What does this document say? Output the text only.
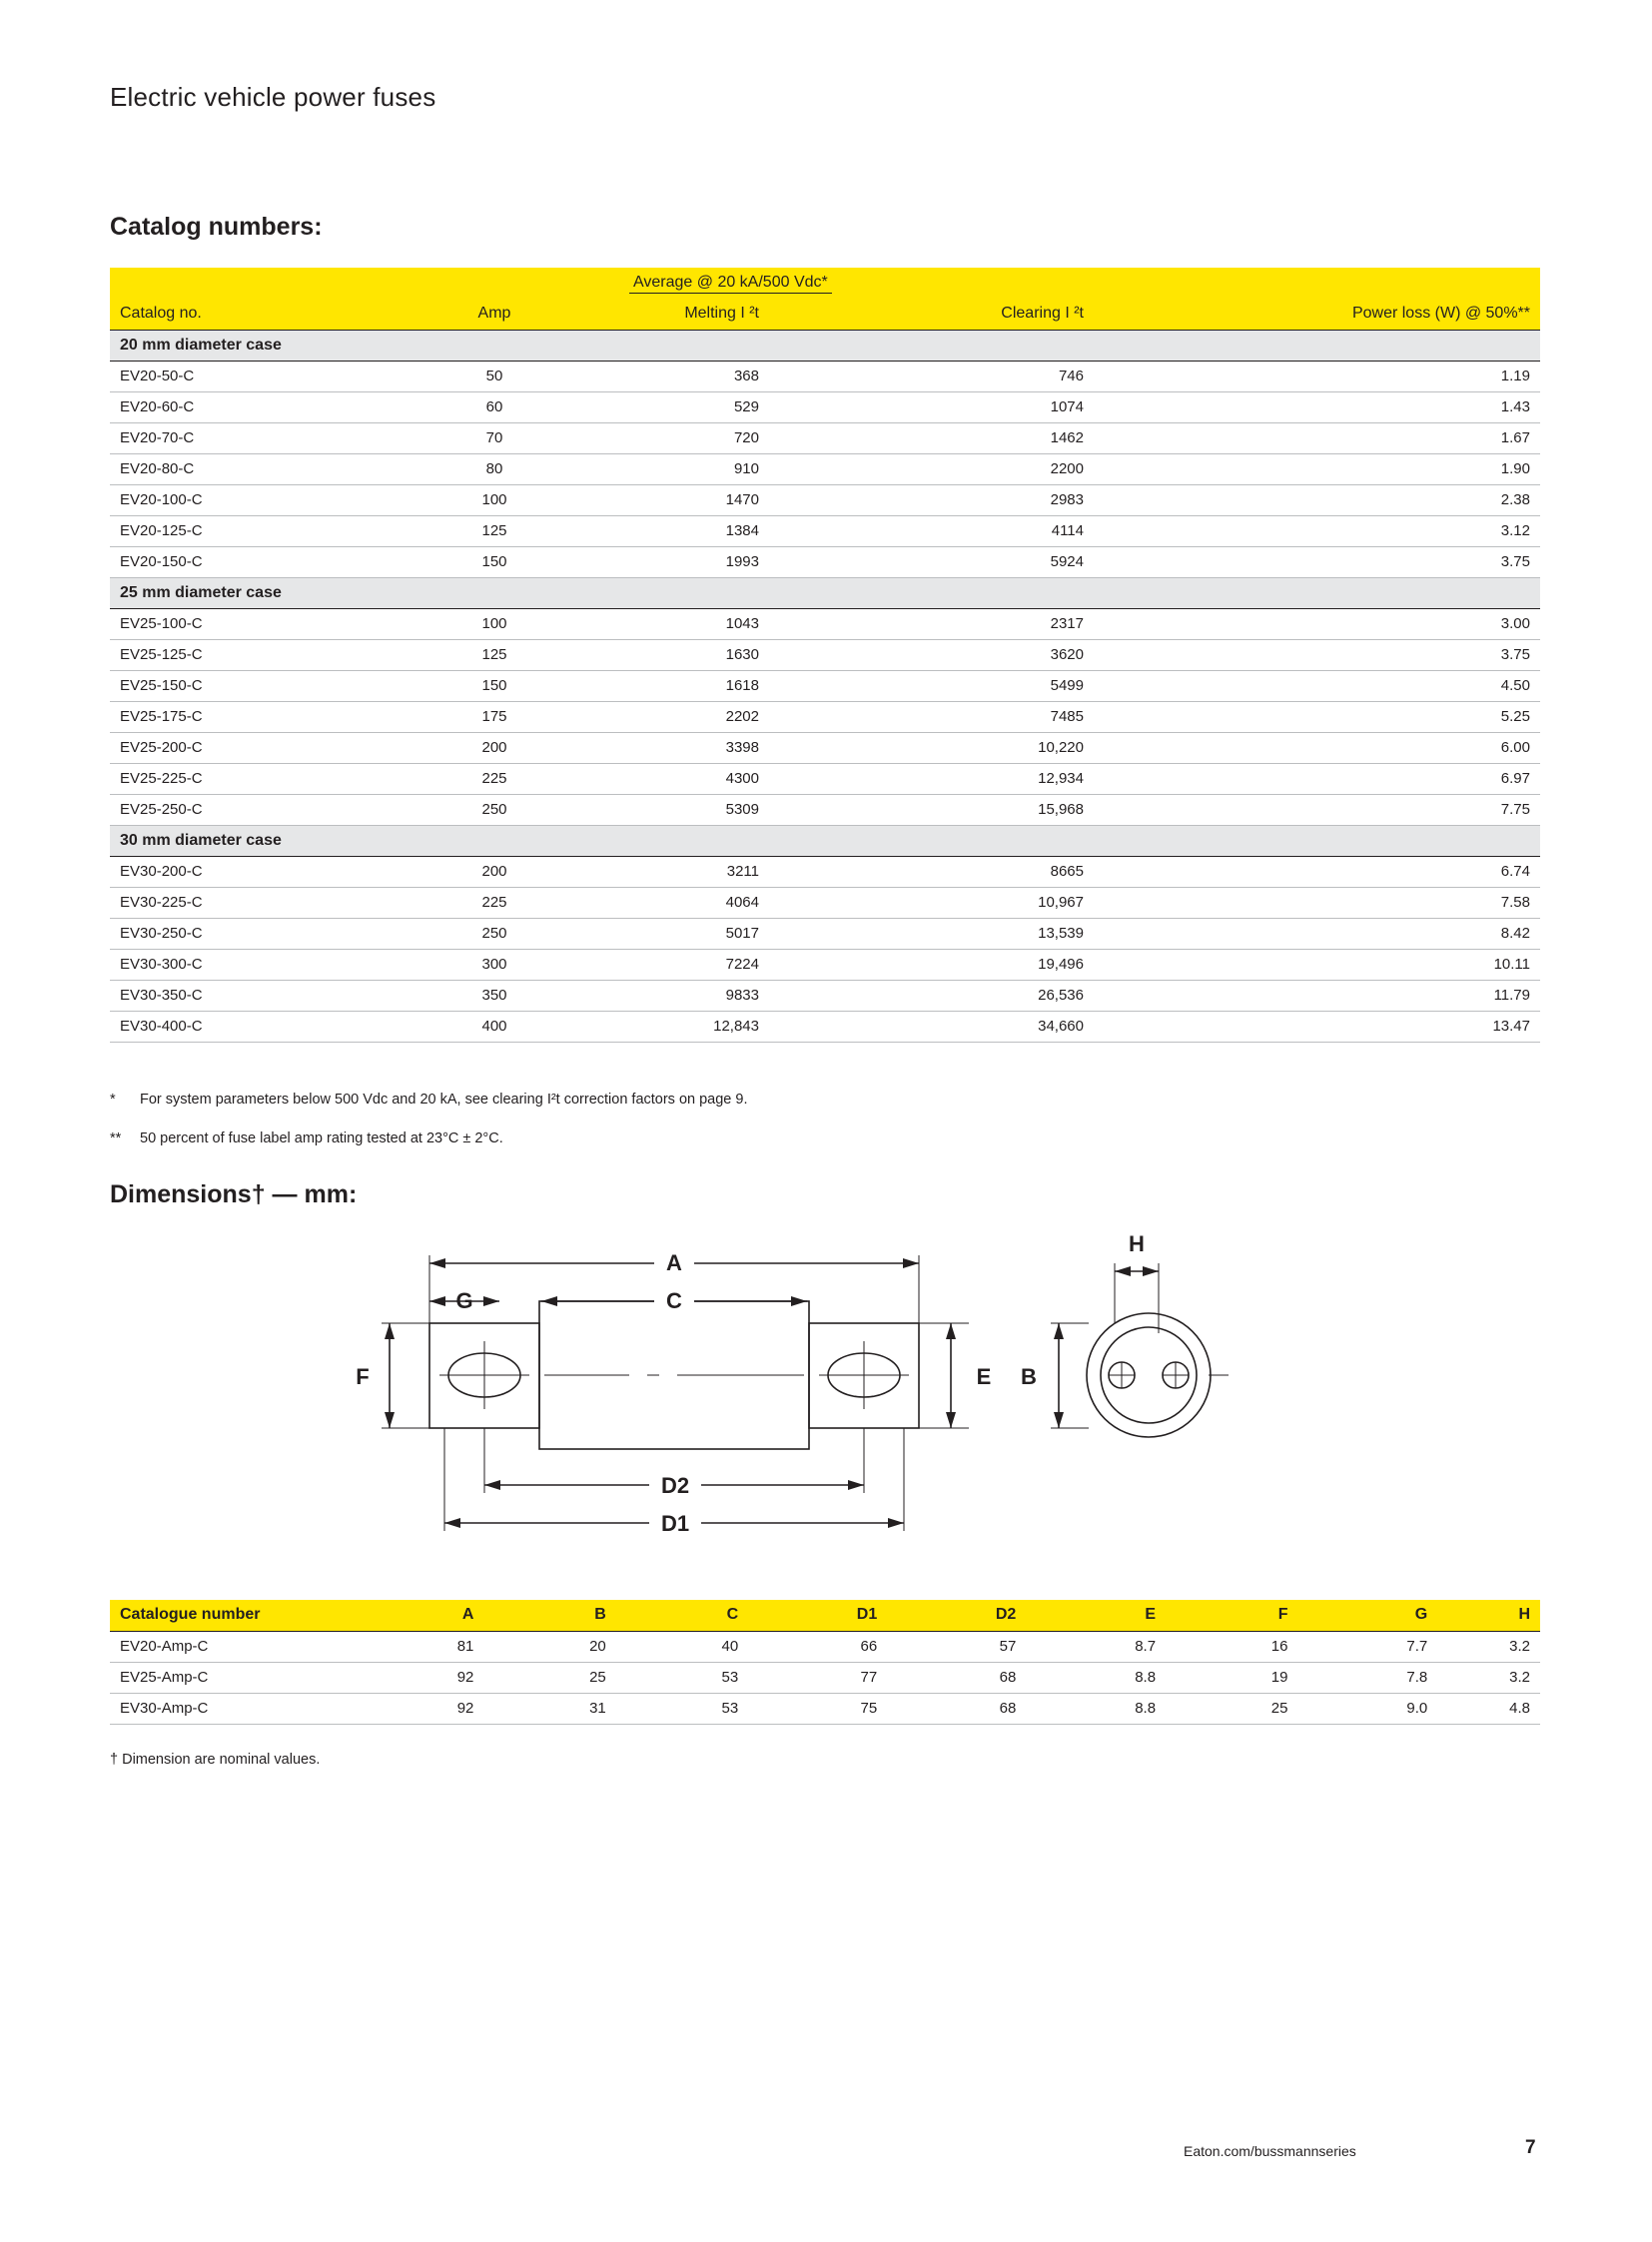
Electric vehicle power fuses
Catalog numbers:
		Average @ 20 kA/500 Vdc*		
Catalog no.	Amp	Melting I ²t	Clearing I ²t	Power loss (W) @ 50%**
20 mm diameter case				
EV20-50-C	50	368	746	1.19
EV20-60-C	60	529	1074	1.43
EV20-70-C	70	720	1462	1.67
EV20-80-C	80	910	2200	1.90
EV20-100-C	100	1470	2983	2.38
EV20-125-C	125	1384	4114	3.12
EV20-150-C	150	1993	5924	3.75
25 mm diameter case				
EV25-100-C	100	1043	2317	3.00
EV25-125-C	125	1630	3620	3.75
EV25-150-C	150	1618	5499	4.50
EV25-175-C	175	2202	7485	5.25
EV25-200-C	200	3398	10,220	6.00
EV25-225-C	225	4300	12,934	6.97
EV25-250-C	250	5309	15,968	7.75
30 mm diameter case				
EV30-200-C	200	3211	8665	6.74
EV30-225-C	225	4064	10,967	7.58
EV30-250-C	250	5017	13,539	8.42
EV30-300-C	300	7224	19,496	10.11
EV30-350-C	350	9833	26,536	11.79
EV30-400-C	400	12,843	34,660	13.47
* For system parameters below 500 Vdc and 20 kA, see clearing I²t correction factors on page 9.
** 50 percent of fuse label amp rating tested at 23°C ± 2°C.
Dimensions† — mm:
A
C
G
F	E
D2
D1
B
H
Catalogue number	A	B	C	D1	D2	E	F	G	H
EV20-Amp-C	81	20	40	66	57	8.7	16	7.7	3.2
EV25-Amp-C	92	25	53	77	68	8.8	19	7.8	3.2
EV30-Amp-C	92	31	53	75	68	8.8	25	9.0	4.8
† Dimension are nominal values.
Eaton.com/bussmannseries	7
